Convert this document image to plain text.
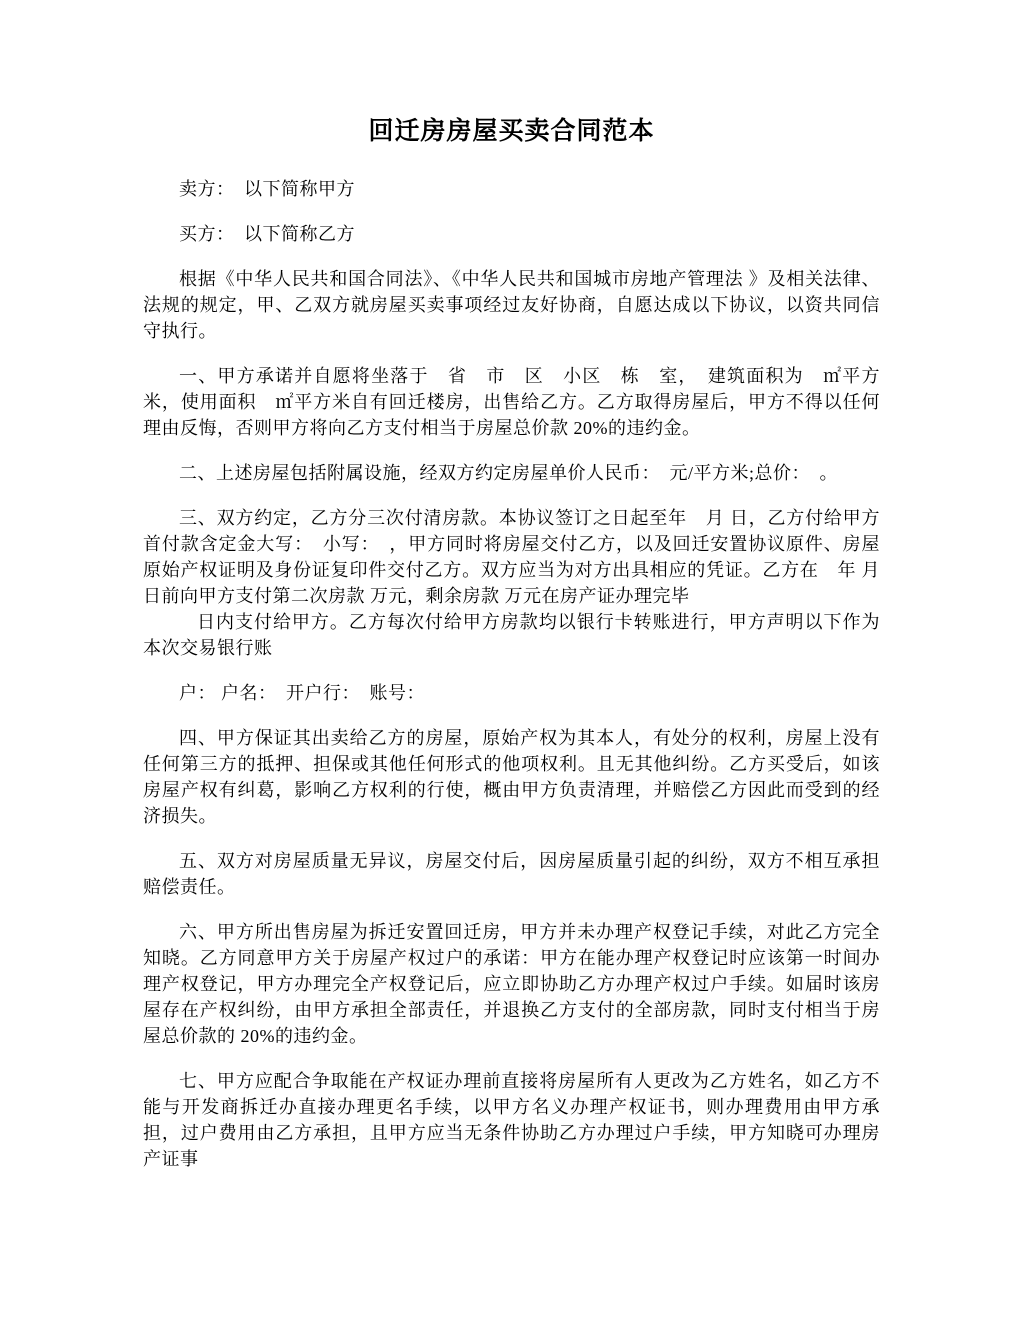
回迁房房屋买卖合同范本

卖方：　以下简称甲方

买方：　以下简称乙方

根据《中华人民共和国合同法》、《中华人民共和国城市房地产管理法 》及相关法律、法规的规定，甲、乙双方就房屋买卖事项经过友好协商，自愿达成以下协议，以资共同信守执行。

一、甲方承诺并自愿将坐落于　省　市　区　小区　栋　室，　建筑面积为　㎡平方米，使用面积　㎡平方米自有回迁楼房，出售给乙方。乙方取得房屋后，甲方不得以任何理由反悔，否则甲方将向乙方支付相当于房屋总价款 20%的违约金。

二、上述房屋包括附属设施，经双方约定房屋单价人民币：　元/平方米;总价：　。

三、双方约定，乙方分三次付清房款。本协议签订之日起至年　月 日，乙方付给甲方首付款含定金大写：　小写：　，甲方同时将房屋交付乙方，以及回迁安置协议原件、房屋原始产权证明及身份证复印件交付乙方。双方应当为对方出具相应的凭证。乙方在　年 月 日前向甲方支付第二次房款 万元，剩余房款 万元在房产证办理完毕

日内支付给甲方。乙方每次付给甲方房款均以银行卡转账进行，甲方声明以下作为本次交易银行账

户： 户名：　开户行：　账号：

四、甲方保证其出卖给乙方的房屋，原始产权为其本人，有处分的权利，房屋上没有任何第三方的抵押、担保或其他任何形式的他项权利。且无其他纠纷。乙方买受后，如该房屋产权有纠葛，影响乙方权利的行使，概由甲方负责清理，并赔偿乙方因此而受到的经济损失。

五、双方对房屋质量无异议，房屋交付后，因房屋质量引起的纠纷，双方不相互承担赔偿责任。

六、甲方所出售房屋为拆迁安置回迁房，甲方并未办理产权登记手续，对此乙方完全知晓。乙方同意甲方关于房屋产权过户的承诺：甲方在能办理产权登记时应该第一时间办理产权登记，甲方办理完全产权登记后，应立即协助乙方办理产权过户手续。如届时该房屋存在产权纠纷，由甲方承担全部责任，并退换乙方支付的全部房款，同时支付相当于房屋总价款的 20%的违约金。

七、甲方应配合争取能在产权证办理前直接将房屋所有人更改为乙方姓名，如乙方不能与开发商拆迁办直接办理更名手续，以甲方名义办理产权证书，则办理费用由甲方承担，过户费用由乙方承担，且甲方应当无条件协助乙方办理过户手续，甲方知晓可办理房产证事
